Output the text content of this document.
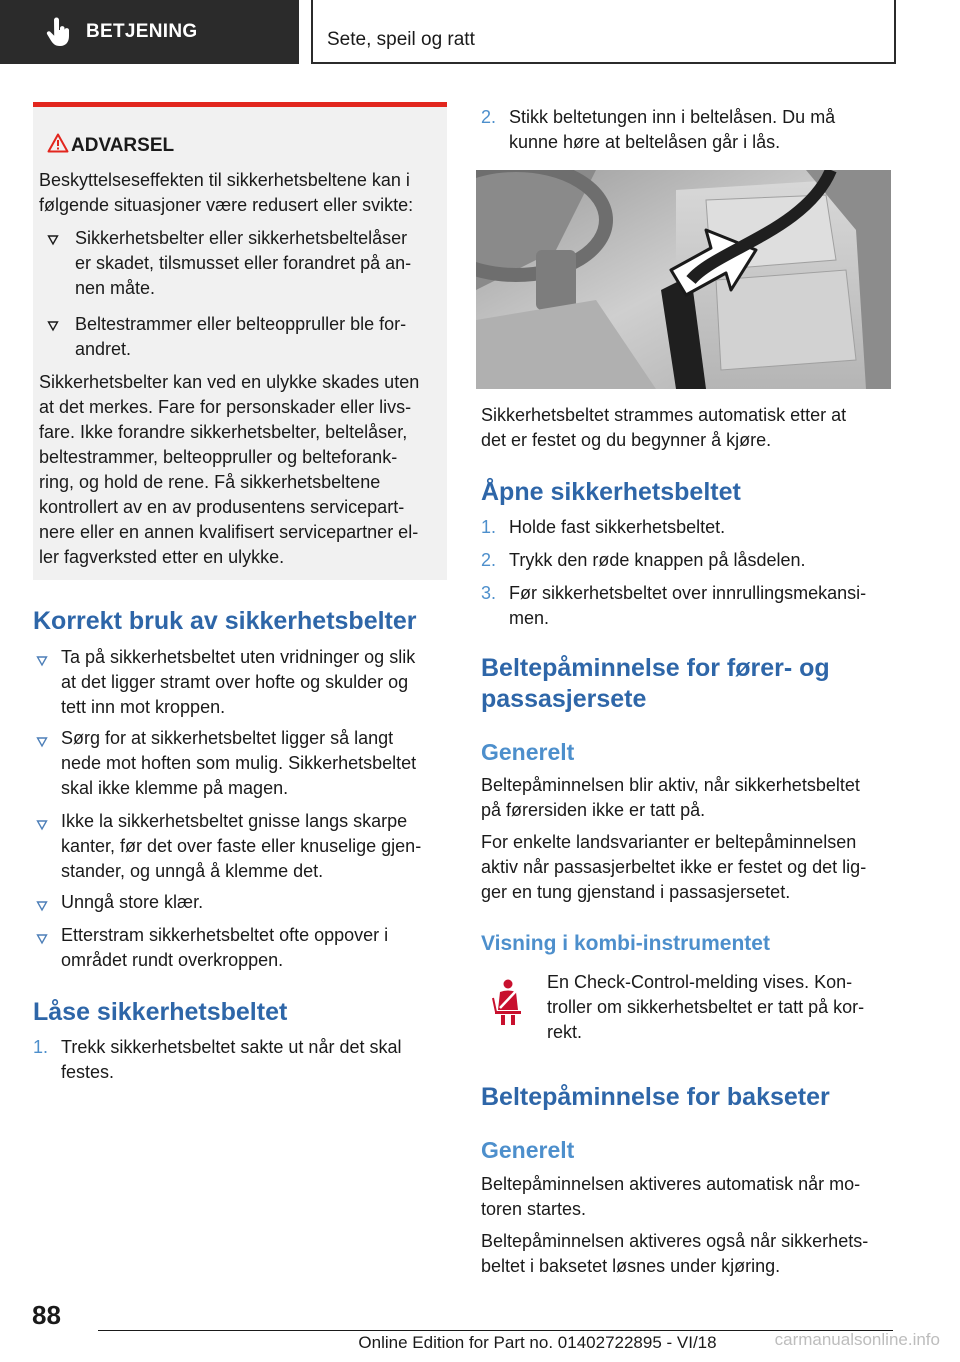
BETJENING	Sete, speil og ratt
ADVARSEL
Beskyttelseseffekten til sikkerhetsbeltene kan i
følgende situasjoner være redusert eller svikte:
Sikkerhetsbelter eller sikkerhetsbeltelåser
er skadet, tilsmusset eller forandret på an-
nen måte.
Beltestrammer eller belteoppruller ble for-
andret.
Sikkerhetsbelter kan ved en ulykke skades uten
at det merkes. Fare for personskader eller livs-
fare. Ikke forandre sikkerhetsbelter, beltelåser,
beltestrammer, belteoppruller og belteforank-
ring, og hold de rene. Få sikkerhetsbeltene
kontrollert av en av produsentens servicepart-
nere eller en annen kvalifisert servicepartner el-
ler fagverksted etter en ulykke.
Korrekt bruk av sikkerhetsbelter
Ta på sikkerhetsbeltet uten vridninger og slik
at det ligger stramt over hofte og skulder og
tett inn mot kroppen.
Sørg for at sikkerhetsbeltet ligger så langt
nede mot hoften som mulig. Sikkerhetsbeltet
skal ikke klemme på magen.
Ikke la sikkerhetsbeltet gnisse langs skarpe
kanter, før det over faste eller knuselige gjen-
stander, og unngå å klemme det.
Unngå store klær.
Etterstram sikkerhetsbeltet ofte oppover i
området rundt overkroppen.
Låse sikkerhetsbeltet
1. Trekk sikkerhetsbeltet sakte ut når det skal
festes.
2. Stikk beltetungen inn i beltelåsen. Du må
kunne høre at beltelåsen går i lås.
Sikkerhetsbeltet strammes automatisk etter at
det er festet og du begynner å kjøre.
Åpne sikkerhetsbeltet
1. Holde fast sikkerhetsbeltet.
2. Trykk den røde knappen på låsdelen.
3. Før sikkerhetsbeltet over innrullingsmekansi-
men.
Beltepåminnelse for fører- og
passasjersete
Generelt
Beltepåminnelsen blir aktiv, når sikkerhetsbeltet
på førersiden ikke er tatt på.
For enkelte landsvarianter er beltepåminnelsen
aktiv når passasjerbeltet ikke er festet og det lig-
ger en tung gjenstand i passasjersetet.
Visning i kombi-instrumentet
En Check-Control-melding vises. Kon-
troller om sikkerhetsbeltet er tatt på kor-
rekt.
Beltepåminnelse for bakseter
Generelt
Beltepåminnelsen aktiveres automatisk når mo-
toren startes.
Beltepåminnelsen aktiveres også når sikkerhets-
beltet i baksetet løsnes under kjøring.
88
Online Edition for Part no. 01402722895 - VI/18	carmanualsonline.info
